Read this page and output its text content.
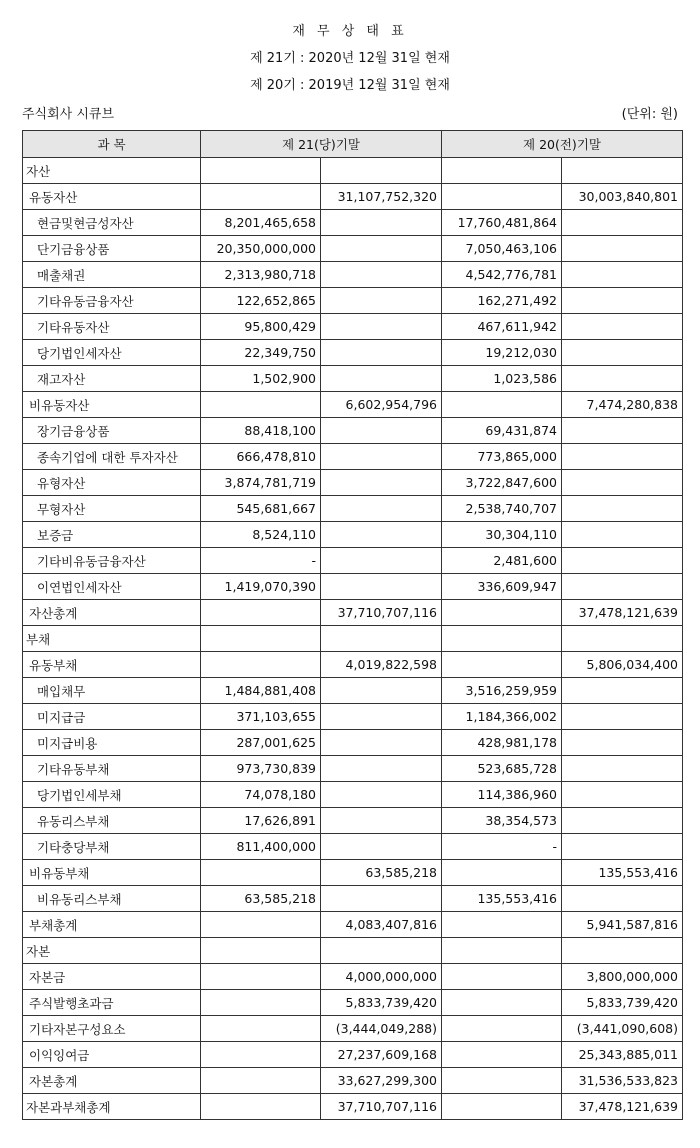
재 무 상 태 표
제 21기 : 2020년 12월 31일 현재
제 20기 : 2019년 12월 31일 현재
주식회사 시큐브	(단위: 원)
과 목	제 21(당)기말		제 20(전)기말	
자산				
유동자산		31,107,752,320		30,003,840,801
현금및현금성자산	8,201,465,658		17,760,481,864	
단기금융상품	20,350,000,000		7,050,463,106	
매출채권	2,313,980,718		4,542,776,781	
기타유동금융자산	122,652,865		162,271,492	
기타유동자산	95,800,429		467,611,942	
당기법인세자산	22,349,750		19,212,030	
재고자산	1,502,900		1,023,586	
비유동자산		6,602,954,796		7,474,280,838
장기금융상품	88,418,100		69,431,874	
종속기업에 대한 투자자산	666,478,810		773,865,000	
유형자산	3,874,781,719		3,722,847,600	
무형자산	545,681,667		2,538,740,707	
보증금	8,524,110		30,304,110	
기타비유동금융자산	-		2,481,600	
이연법인세자산	1,419,070,390		336,609,947	
자산총계		37,710,707,116		37,478,121,639
부채				
유동부채		4,019,822,598		5,806,034,400
매입채무	1,484,881,408		3,516,259,959	
미지급금	371,103,655		1,184,366,002	
미지급비용	287,001,625		428,981,178	
기타유동부채	973,730,839		523,685,728	
당기법인세부채	74,078,180		114,386,960	
유동리스부채	17,626,891		38,354,573	
기타충당부채	811,400,000		-	
비유동부채		63,585,218		135,553,416
비유동리스부채	63,585,218		135,553,416	
부채총계		4,083,407,816		5,941,587,816
자본				
자본금		4,000,000,000		3,800,000,000
주식발행초과금		5,833,739,420		5,833,739,420
기타자본구성요소		(3,444,049,288)		(3,441,090,608)
이익잉여금		27,237,609,168		25,343,885,011
자본총계		33,627,299,300		31,536,533,823
자본과부채총계		37,710,707,116		37,478,121,639
